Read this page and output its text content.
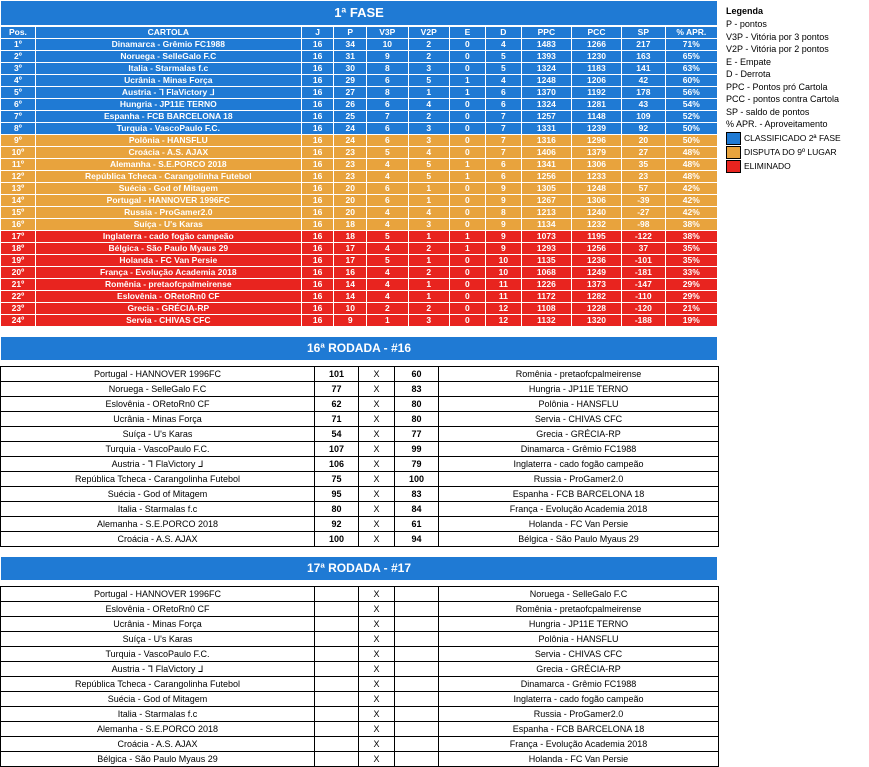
1ª FASE
Pos.	CARTOLA	J	P	V3P	V2P	E	D	PPC	PCC	SP	% APR.
1º	Dinamarca - Grêmio FC1988	16	34	10	2	0	4	1483	1266	217	71%
2º	Noruega - SelleGalo F.C	16	31	9	2	0	5	1393	1230	163	65%
3º	Italia - Starmalas f.c	16	30	8	3	0	5	1324	1183	141	63%
4º	Ucrânia - Minas Força	16	29	6	5	1	4	1248	1206	42	60%
5º	Austria - ᒣ FlaVictory ᒧ	16	27	8	1	1	6	1370	1192	178	56%
6º	Hungria - JP11E TERNO	16	26	6	4	0	6	1324	1281	43	54%
7º	Espanha - FCB BARCELONA 18	16	25	7	2	0	7	1257	1148	109	52%
8º	Turquia - VascoPaulo F.C.	16	24	6	3	0	7	1331	1239	92	50%
9º	Polônia - HANSFLU	16	24	6	3	0	7	1316	1296	20	50%
10º	Croácia - A.S. AJAX	16	23	5	4	0	7	1406	1379	27	48%
11º	Alemanha - S.E.PORCO 2018	16	23	4	5	1	6	1341	1306	35	48%
12º	República Tcheca - Carangolinha Futebol	16	23	4	5	1	6	1256	1233	23	48%
13º	Suécia - God of Mitagem	16	20	6	1	0	9	1305	1248	57	42%
14º	Portugal - HANNOVER 1996FC	16	20	6	1	0	9	1267	1306	-39	42%
15º	Russia - ProGamer2.0	16	20	4	4	0	8	1213	1240	-27	42%
16º	Suíça - U's Karas	16	18	4	3	0	9	1134	1232	-98	38%
17º	Inglaterra - cado fogão campeão	16	18	5	1	1	9	1073	1195	-122	38%
18º	Bélgica - São Paulo Myaus 29	16	17	4	2	1	9	1293	1256	37	35%
19º	Holanda - FC Van Persie	16	17	5	1	0	10	1135	1236	-101	35%
20º	França - Evolução Academia 2018	16	16	4	2	0	10	1068	1249	-181	33%
21º	Romênia - pretaofcpalmeirense	16	14	4	1	0	11	1226	1373	-147	29%
22º	Eslovênia - ORetoRn0 CF	16	14	4	1	0	11	1172	1282	-110	29%
23º	Grecia - GRÉCIA-RP	16	10	2	2	0	12	1108	1228	-120	21%
24º	Servia - CHIVAS CFC	16	9	1	3	0	12	1132	1320	-188	19%
16ª RODADA - #16
Portugal - HANNOVER 1996FC	101	X	60	Romênia - pretaofcpalmeirense
Noruega - SelleGalo F.C	77	X	83	Hungria - JP11E TERNO
Eslovênia - ORetoRn0 CF	62	X	80	Polônia - HANSFLU
Ucrânia - Minas Força	71	X	80	Servia - CHIVAS CFC
Suíça - U's Karas	54	X	77	Grecia - GRÉCIA-RP
Turquia - VascoPaulo F.C.	107	X	99	Dinamarca - Grêmio FC1988
Austria - ᒣ FlaVictory ᒧ	106	X	79	Inglaterra - cado fogão campeão
República Tcheca - Carangolinha Futebol	75	X	100	Russia - ProGamer2.0
Suécia - God of Mitagem	95	X	83	Espanha - FCB BARCELONA 18
Italia - Starmalas f.c	80	X	84	França - Evolução Academia 2018
Alemanha - S.E.PORCO 2018	92	X	61	Holanda - FC Van Persie
Croácia - A.S. AJAX	100	X	94	Bélgica - São Paulo Myaus 29
17ª RODADA - #17
Portugal - HANNOVER 1996FC		X		Noruega - SelleGalo F.C
Eslovênia - ORetoRn0 CF		X		Romênia - pretaofcpalmeirense
Ucrânia - Minas Força		X		Hungria - JP11E TERNO
Suíça - U's Karas		X		Polônia - HANSFLU
Turquia - VascoPaulo F.C.		X		Servia - CHIVAS CFC
Austria - ᒣ FlaVictory ᒧ		X		Grecia - GRÉCIA-RP
República Tcheca - Carangolinha Futebol		X		Dinamarca - Grêmio FC1988
Suécia - God of Mitagem		X		Inglaterra - cado fogão campeão
Italia - Starmalas f.c		X		Russia - ProGamer2.0
Alemanha - S.E.PORCO 2018		X		Espanha - FCB BARCELONA 18
Croácia - A.S. AJAX		X		França - Evolução Academia 2018
Bélgica - São Paulo Myaus 29		X		Holanda - FC Van Persie
Legenda
P - pontos
V3P - Vitória por 3 pontos
V2P - Vitória por 2 pontos
E - Empate
D - Derrota
PPC - Pontos pró Cartola
PCC - pontos contra Cartola
SP - saldo de pontos
% APR. - Aproveitamento
CLASSIFICADO 2ª FASE
DISPUTA DO 9º LUGAR
ELIMINADO
